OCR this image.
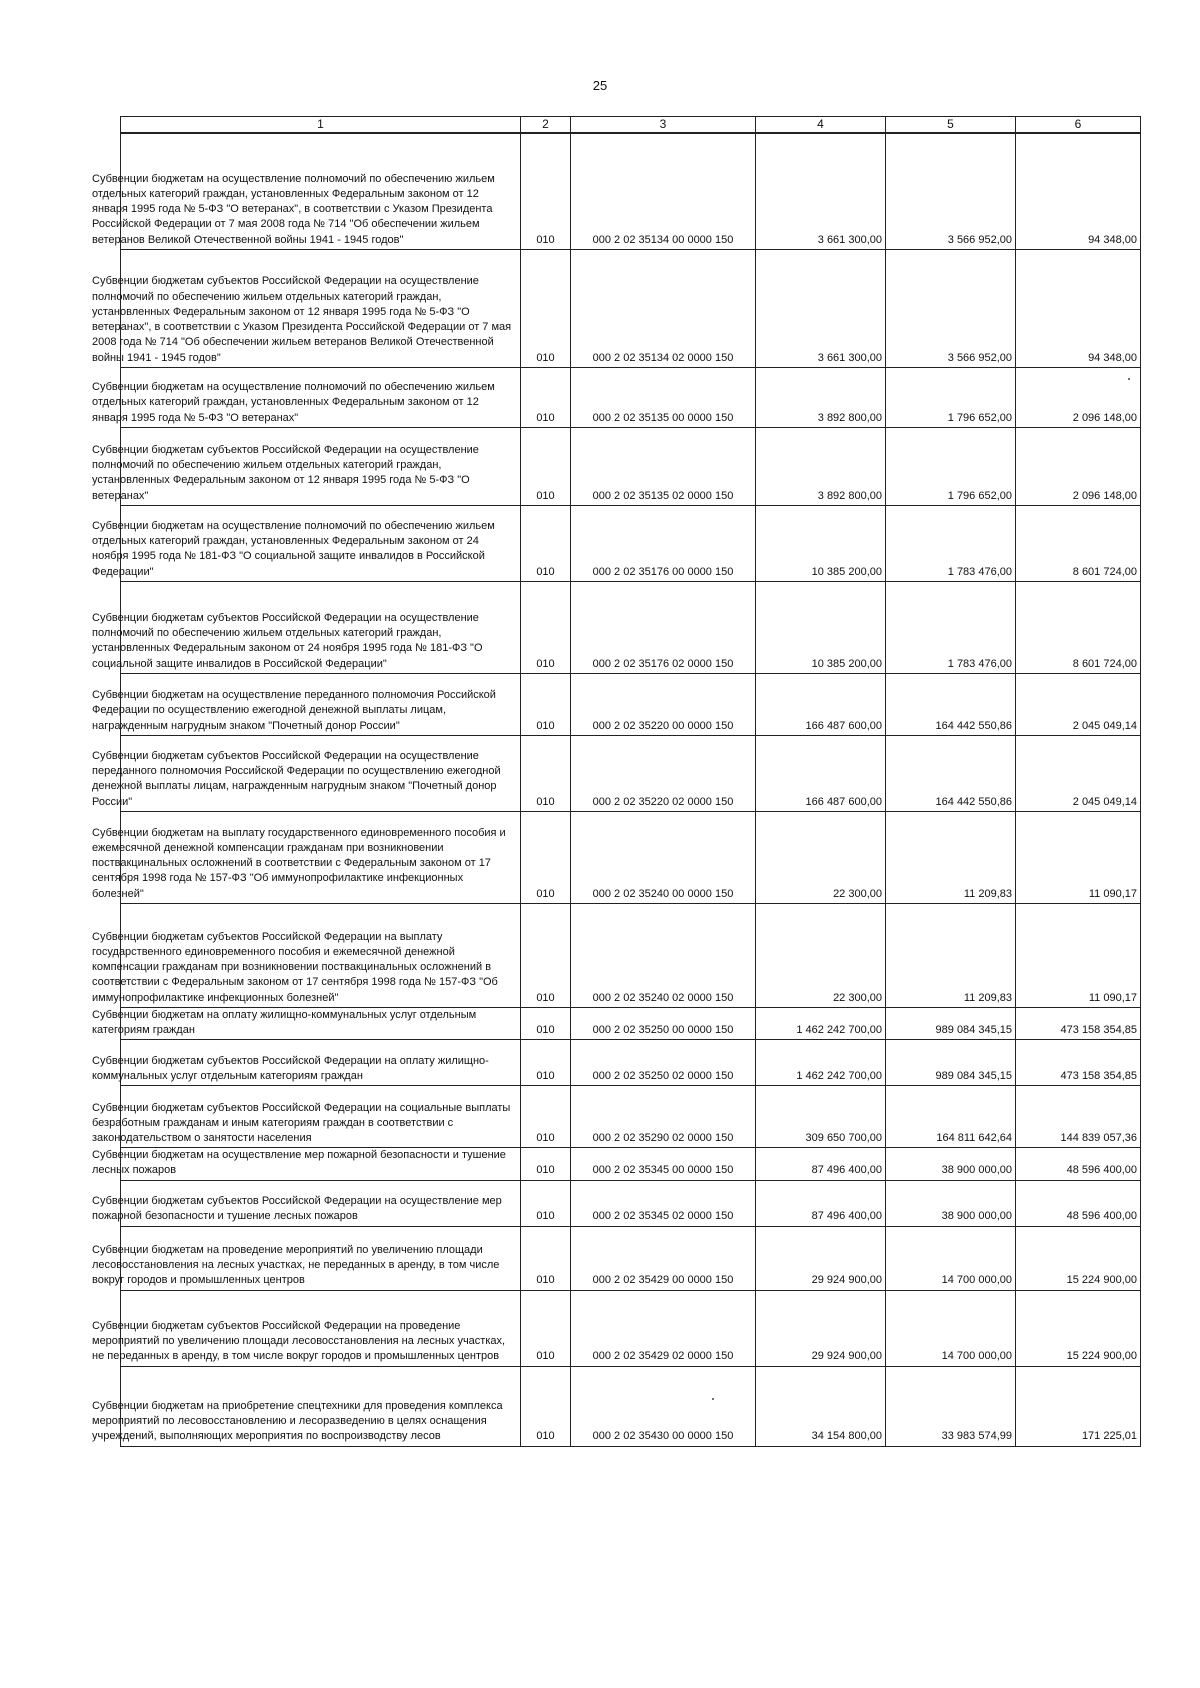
25
1	2	3	4	5	6

Субвенции бюджетам на осуществление полномочий по обеспечению жильем отдельных категорий граждан, установленных Федеральным законом от 12 января 1995 года № 5-ФЗ "О ветеранах", в соответствии с Указом Президента Российской Федерации от 7 мая 2008 года № 714 "Об обеспечении жильем ветеранов Великой Отечественной войны 1941 - 1945 годов"	010	000 2 02 35134 00 0000 150	3 661 300,00	3 566 952,00	94 348,00

Субвенции бюджетам субъектов Российской Федерации на осуществление полномочий по обеспечению жильем отдельных категорий граждан, установленных Федеральным законом от 12 января 1995 года № 5-ФЗ "О ветеранах", в соответствии с Указом Президента Российской Федерации от 7 мая 2008 года № 714 "Об обеспечении жильем ветеранов Великой Отечественной войны 1941 - 1945 годов"	010	000 2 02 35134 02 0000 150	3 661 300,00	3 566 952,00	94 348,00

Субвенции бюджетам на осуществление полномочий по обеспечению жильем отдельных категорий граждан, установленных Федеральным законом от 12 января 1995 года № 5-ФЗ "О ветеранах"	010	000 2 02 35135 00 0000 150	3 892 800,00	1 796 652,00	2 096 148,00

Субвенции бюджетам субъектов Российской Федерации на осуществление полномочий по обеспечению жильем отдельных категорий граждан, установленных Федеральным законом от 12 января 1995 года № 5-ФЗ "О ветеранах"	010	000 2 02 35135 02 0000 150	3 892 800,00	1 796 652,00	2 096 148,00

Субвенции бюджетам на осуществление полномочий по обеспечению жильем отдельных категорий граждан, установленных Федеральным законом от 24 ноября 1995 года № 181-ФЗ "О социальной защите инвалидов в Российской Федерации"	010	000 2 02 35176 00 0000 150	10 385 200,00	1 783 476,00	8 601 724,00

Субвенции бюджетам субъектов Российской Федерации на осуществление полномочий по обеспечению жильем отдельных категорий граждан, установленных Федеральным законом от 24 ноября 1995 года № 181-ФЗ "О социальной защите инвалидов в Российской Федерации"	010	000 2 02 35176 02 0000 150	10 385 200,00	1 783 476,00	8 601 724,00

Субвенции бюджетам на осуществление переданного полномочия Российской Федерации по осуществлению ежегодной денежной выплаты лицам, награжденным нагрудным знаком "Почетный донор России"	010	000 2 02 35220 00 0000 150	166 487 600,00	164 442 550,86	2 045 049,14

Субвенции бюджетам субъектов Российской Федерации на осуществление переданного полномочия Российской Федерации по осуществлению ежегодной денежной выплаты лицам, награжденным нагрудным знаком "Почетный донор России"	010	000 2 02 35220 02 0000 150	166 487 600,00	164 442 550,86	2 045 049,14

Субвенции бюджетам на выплату государственного единовременного пособия и ежемесячной денежной компенсации гражданам при возникновении поствакцинальных осложнений в соответствии с Федеральным законом от 17 сентября 1998 года № 157-ФЗ "Об иммунопрофилактике инфекционных болезней"	010	000 2 02 35240 00 0000 150	22 300,00	11 209,83	11 090,17

Субвенции бюджетам субъектов Российской Федерации на выплату государственного единовременного пособия и ежемесячной денежной компенсации гражданам при возникновении поствакцинальных осложнений в соответствии с Федеральным законом от 17 сентября 1998 года № 157-ФЗ "Об иммунопрофилактике инфекционных болезней"	010	000 2 02 35240 02 0000 150	22 300,00	11 209,83	11 090,17

Субвенции бюджетам на оплату жилищно-коммунальных услуг отдельным категориям граждан	010	000 2 02 35250 00 0000 150	1 462 242 700,00	989 084 345,15	473 158 354,85

Субвенции бюджетам субъектов Российской Федерации на оплату жилищно-коммунальных услуг отдельным категориям граждан	010	000 2 02 35250 02 0000 150	1 462 242 700,00	989 084 345,15	473 158 354,85

Субвенции бюджетам субъектов Российской Федерации на социальные выплаты безработным гражданам и иным категориям граждан в соответствии с законодательством о занятости населения	010	000 2 02 35290 02 0000 150	309 650 700,00	164 811 642,64	144 839 057,36

Субвенции бюджетам на осуществление мер пожарной безопасности и тушение лесных пожаров	010	000 2 02 35345 00 0000 150	87 496 400,00	38 900 000,00	48 596 400,00

Субвенции бюджетам субъектов Российской Федерации на осуществление мер пожарной безопасности и тушение лесных пожаров	010	000 2 02 35345 02 0000 150	87 496 400,00	38 900 000,00	48 596 400,00

Субвенции бюджетам на проведение мероприятий по увеличению площади лесовосстановления на лесных участках, не переданных в аренду, в том числе вокруг городов и промышленных центров	010	000 2 02 35429 00 0000 150	29 924 900,00	14 700 000,00	15 224 900,00

Субвенции бюджетам субъектов Российской Федерации на проведение мероприятий по увеличению площади лесовосстановления на лесных участках, не переданных в аренду, в том числе вокруг городов и промышленных центров	010	000 2 02 35429 02 0000 150	29 924 900,00	14 700 000,00	15 224 900,00

Субвенции бюджетам на приобретение спецтехники для проведения комплекса мероприятий по лесовосстановлению и лесоразведению в целях оснащения учреждений, выполняющих мероприятия по воспроизводству лесов	010	000 2 02 35430 00 0000 150	34 154 800,00	33 983 574,99	171 225,01
